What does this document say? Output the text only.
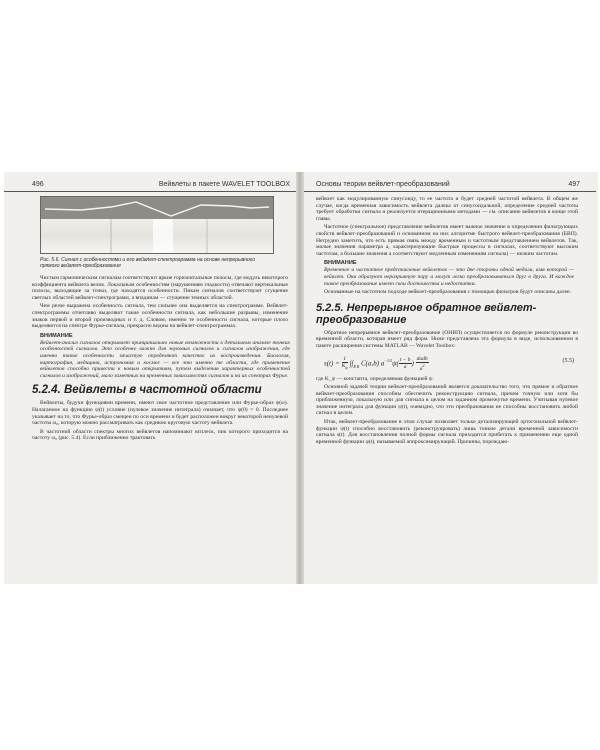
496	Вейвлеты в пакете WAVELET TOOLBOX
Рис. 5.6. Сигнал с особенностями и его вейвлет-спектрограмма на основе непрерывного прямого вейвлет-преобразования

Чистым гармоническим сигналам соответствуют яркие горизонтальные полосы, где модуль некоторого коэффициента вейвлета велик. Локальным особенностям (нарушениям гладкости) отвечают вертикальные полосы, выходящие за точки, где находятся особенности. Пикам сигналов соответствуют сгущение светлых областей вейвлет-спектрограмм, а впадинам — сгущение темных областей.

Чем резче выражена особенность сигнала, тем сильнее она выделяется на спектрограмме. Вейвлет-спектрограммы отчетливо выделяют такие особенности сигнала, как небольшие разрывы, изменение знаков первой и второй производных и т. д. Словом, именно те особенности сигнала, которые плохо выделяются на спектре Фурье-сигнала, прекрасно видны на вейвлет-спектрограммах.

ВНИМАНИЕ

Вейвлет-анализ сигналов открывает принципиально новые возможности в детальном анализе тонких особенностей сигналов. Это особенно важно для звуковых сигналов и сигналов изображения, где именно такие особенности зачастую определяют качество их воспроизведения. Биология, картография, медицина, астрономия и космос — все это именно те области, где применение вейвлетов способно привести к новым открытиям, путем выделения характерных особенностей сигналов и изображений, мало заметных на временных зависимостях сигналов и на их спектрах Фурье.

5.2.4. Вейвлеты в частотной области

Вейвлеты, будучи функциями времени, имеют свое частотное представление или Фурье-образ ψ(ω). Налагаемое на функцию ψ(t) условие (нулевое значение интеграла) означает, что ψ(0) = 0. Последнее указывает на то, что Фурье-образ смещен по оси времени и будет расположен вокруг некоторой ненулевой частоты ω₀, которую можно рассматривать как среднюю круговую частоту вейвлета.

В частотной области спектры многих вейвлетов напоминают всплеск, пик которого приходится на частоту ω₀ (рис. 5.4). Если приближенно трактовать

Основы теории вейвлет-преобразований	497

вейвлет как модулированную синусоиду, то ее частота и будет средней частотой вейвлета. В общем же случае, когда временная зависимость вейвлета далека от синусоидальной, определение средней частоты требует обработки сигнала и реализуется итерационными методами — см. описание вейвлетов в конце этой главы.

Частотное (спектральное) представление вейвлетов имеет важное значение в определении фильтрующих свойств вейвлет-преобразований и основанном на них алгоритме быстрого вейвлет-преобразования (БВП). Нетрудно заметить, что есть прямая связь между временным и частотным представлением вейвлетов. Так, малые значения параметра a, характеризующие быстрые процессы в сигналах, соответствуют высоким частотам, а большие значения a соответствуют медленным изменениям сигнала) — низким частотам.

ВНИМАНИЕ

Временное и частотное представление вейвлетов — это две стороны одной медали, имя которой — вейвлет. Они образуют неразрывную пару и могут легко преобразовываться друг в друга. И каждое такое преобразование имеет свои достоинства и недостатки.

Основанные на частотном подходе вейвлет-преобразования с помощью фильтров будут описаны далее.

5.2.5. Непрерывное обратное вейвлет-преобразование

Обратное непрерывное вейвлет-преобразование (ОНВП) осуществляется по формуле реконструкции во временной области, которая имеет ряд форм. Ниже представлена эта формула в виде, использованном в пакете расширения системы MATLAB — Wavelet Toolbox:

$s(t) = \frac{1}{K_\psi} \int\int_{R R}$ C(a,b) $a^{-1/2}\psi( \frac{t - b}{a}$ ) $\frac{\text{dadb}}{a^2}$	(5.5)

где K_ψ — константа, определяемая функцией ψ.

Основной задачей теории вейвлет-преобразований является доказательство того, что прямое и обратное вейвлет-преобразования способны обеспечить реконструкцию сигнала, причем точную или хотя бы приближенную, локальную или для сигнала в целом на заданном промежутке времени. Учитывая нулевое значение интеграла для функции ψ(t), очевидно, что эти преобразования не способны восстановить любой сигнал в целом.

Итак, вейвлет-преобразование в этом случае позволяет только детализирующей ортогональной вейвлет-функции ψ(t) способно восстановить (реконструировать) лишь тонкие детали временной зависимости сигнала s(t). Для восстановления полной формы сигнала приходится прибегать к применению еще одной временной функции φ(t), называемой аппроксимирующей. Причины, порождаю-
